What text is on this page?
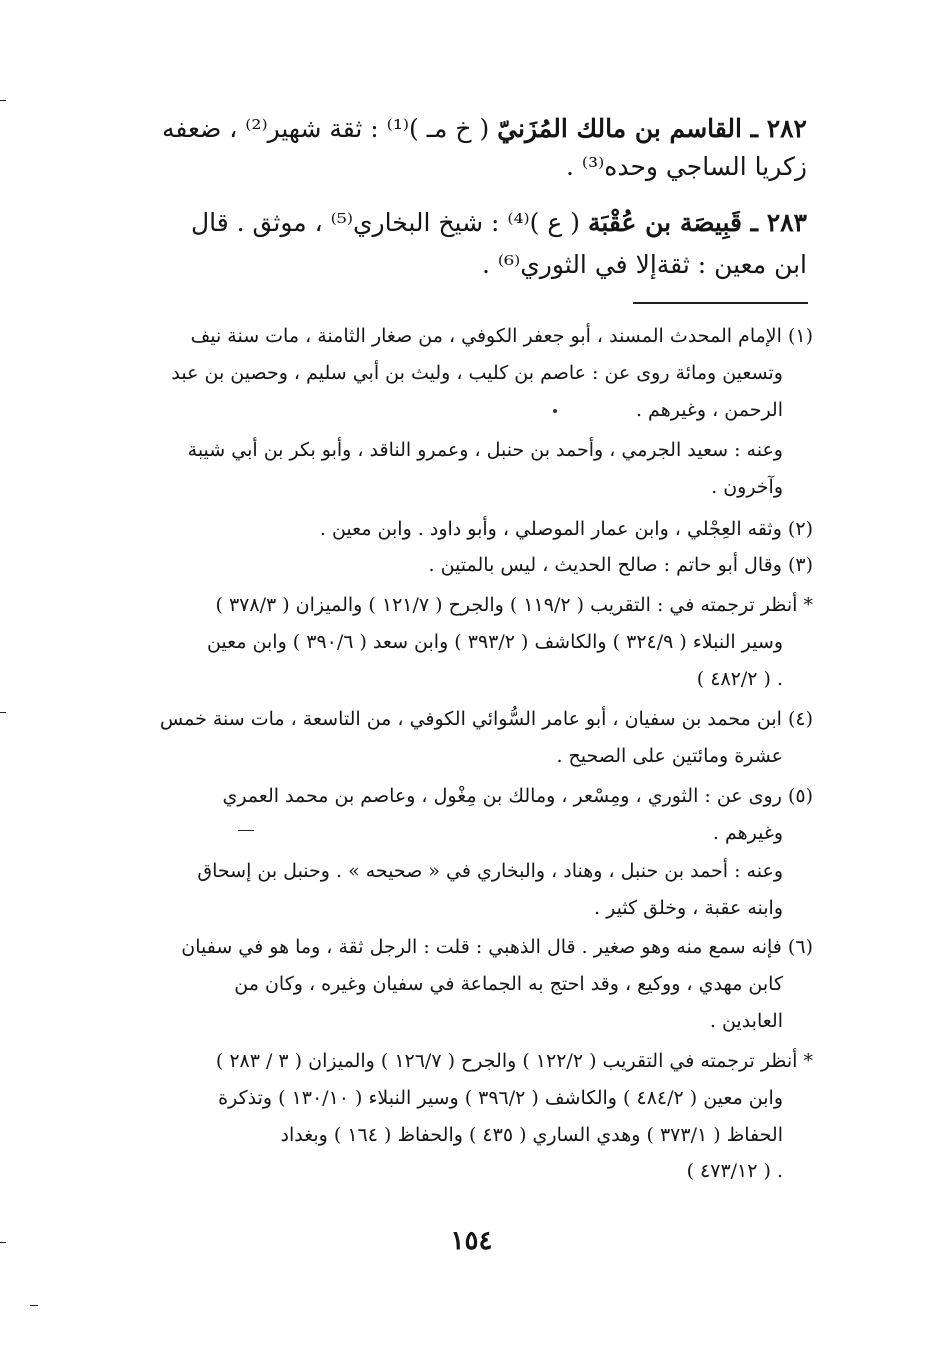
٢٨٢ ـ القاسم بن مالك المُزَنيّ ( خ مـ )⁽¹⁾ : ثقة شهير⁽²⁾ ، ضعفه
زكريا الساجي وحده⁽³⁾ .
٢٨٣ ـ قَبِيصَة بن عُقْبَة ( ع )⁽⁴⁾ : شيخ البخاري⁽⁵⁾ ، موثق . قال
ابن معين : ثقةإلا في الثوري⁽⁶⁾ .
(١) الإمام المحدث المسند ، أبو جعفر الكوفي ، من صغار الثامنة ، مات سنة نيف
وتسعين ومائة روى عن : عاصم بن كليب ، وليث بن أبي سليم ، وحصين بن عبد
الرحمن ، وغيرهم .
وعنه : سعيد الجرمي ، وأحمد بن حنبل ، وعمرو الناقد ، وأبو بكر بن أبي شيبة
وآخرون .
(٢) وثقه العِجْلي ، وابن عمار الموصلي ، وأبو داود . وابن معين .
(٣) وقال أبو حاتم : صالح الحديث ، ليس بالمتين .
* أنظر ترجمته في : التقريب ( ١١٩/٢ ) والجرح ( ١٢١/٧ ) والميزان ( ٣٧٨/٣ )
وسير النبلاء ( ٣٢٤/٩ ) والكاشف ( ٣٩٣/٢ ) وابن سعد ( ٣٩٠/٦ ) وابن معين
( ٤٨٢/٢ ) .
(٤) ابن محمد بن سفيان ، أبو عامر السُّوائي الكوفي ، من التاسعة ، مات سنة خمس
عشرة ومائتين على الصحيح .
(٥) روى عن : الثوري ، ومِسْعر ، ومالك بن مِغْول ، وعاصم بن محمد العمري
وغيرهم .
وعنه : أحمد بن حنبل ، وهناد ، والبخاري في « صحيحه » . وحنبل بن إسحاق
وابنه عقبة ، وخلق كثير .
(٦) فإنه سمع منه وهو صغير . قال الذهبي : قلت : الرجل ثقة ، وما هو في سفيان
كابن مهدي ، ووكيع ، وقد احتج به الجماعة في سفيان وغيره ، وكان من
العابدين .
* أنظر ترجمته في التقريب ( ١٢٢/٢ ) والجرح ( ١٢٦/٧ ) والميزان ( ٣ / ٢٨٣ )
وابن معين ( ٤٨٤/٢ ) والكاشف ( ٣٩٦/٢ ) وسير النبلاء ( ١٣٠/١٠ ) وتذكرة
الحفاظ ( ٣٧٣/١ ) وهدي الساري ( ٤٣٥ ) والحفاظ ( ١٦٤ ) وبغداد
( ٤٧٣/١٢ ) .
١٥٤
